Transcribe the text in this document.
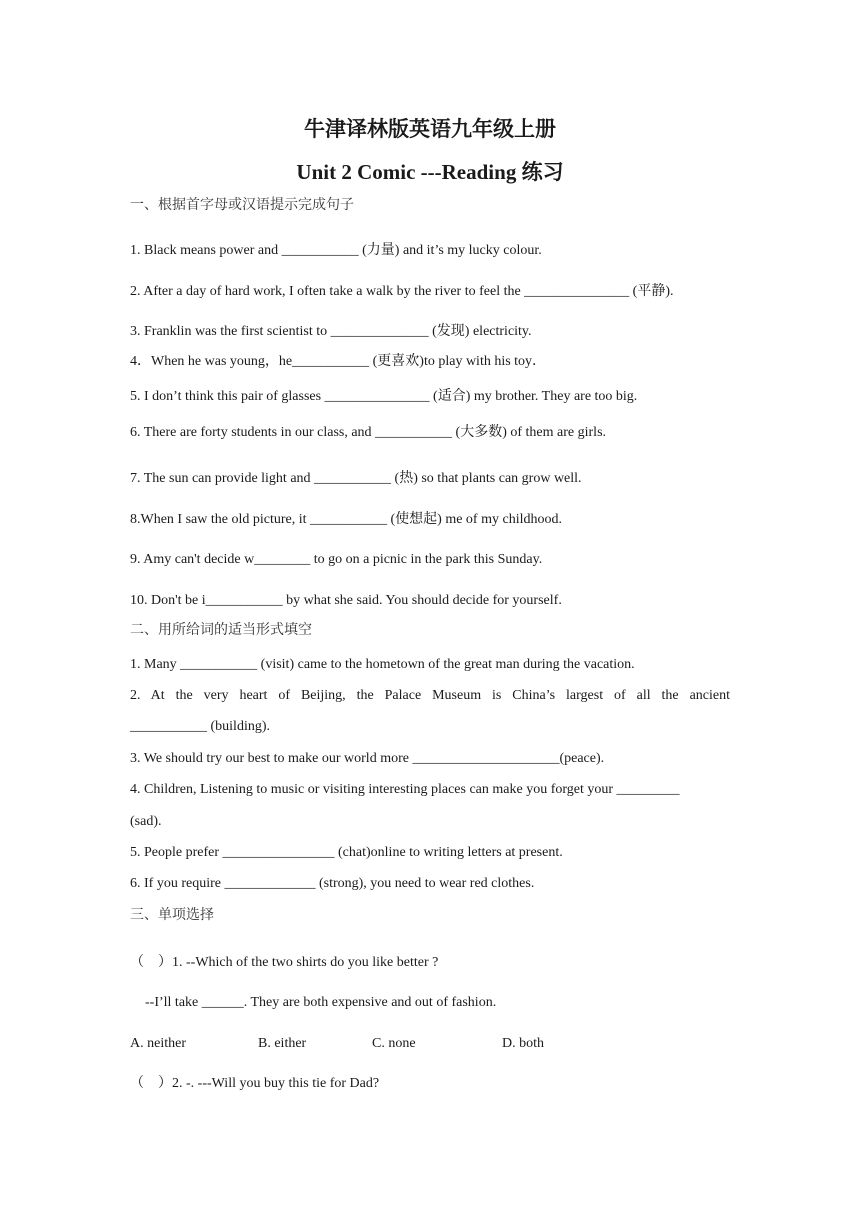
牛津译林版英语九年级上册
Unit 2 Comic ---Reading 练习
一、根据首字母或汉语提示完成句子
1. Black means power and ___________ (力量) and it’s my lucky colour.
2. After a day of hard work, I often take a walk by the river to feel the _______________ (平静).
3. Franklin was the first scientist to ______________ (发现) electricity.
4．When he was young，he___________ (更喜欢)to play with his toy．
5. I don’t think this pair of glasses _______________ (适合) my brother. They are too big.
6. There are forty students in our class, and ___________ (大多数) of them are girls.
7. The sun can provide light and ___________ (热) so that plants can grow well.
8.When I saw the old picture, it ___________ (使想起) me of my childhood.
9. Amy can't decide w________ to go on a picnic in the park this Sunday.
10. Don't be i___________ by what she said. You should decide for yourself.
二、用所给词的适当形式填空
1. Many ___________ (visit) came to the hometown of the great man during the vacation.
2. At the very heart of Beijing, the Palace Museum is China’s largest of all the ancient
___________ (building).
3. We should try our best to make our world more _____________________(peace).
4. Children, Listening to music or visiting interesting places can make you forget your _________
(sad).
5. People prefer ________________ (chat)online to writing letters at present.
6. If you require _____________ (strong), you need to wear red clothes.
三、单项选择
（    ）1. --Which of the two shirts do you like better ?
--I’ll take ______. They are both expensive and out of fashion.
A. neither	B. either	C. none	D. both
（    ）2. -. ---Will you buy this tie for Dad?
